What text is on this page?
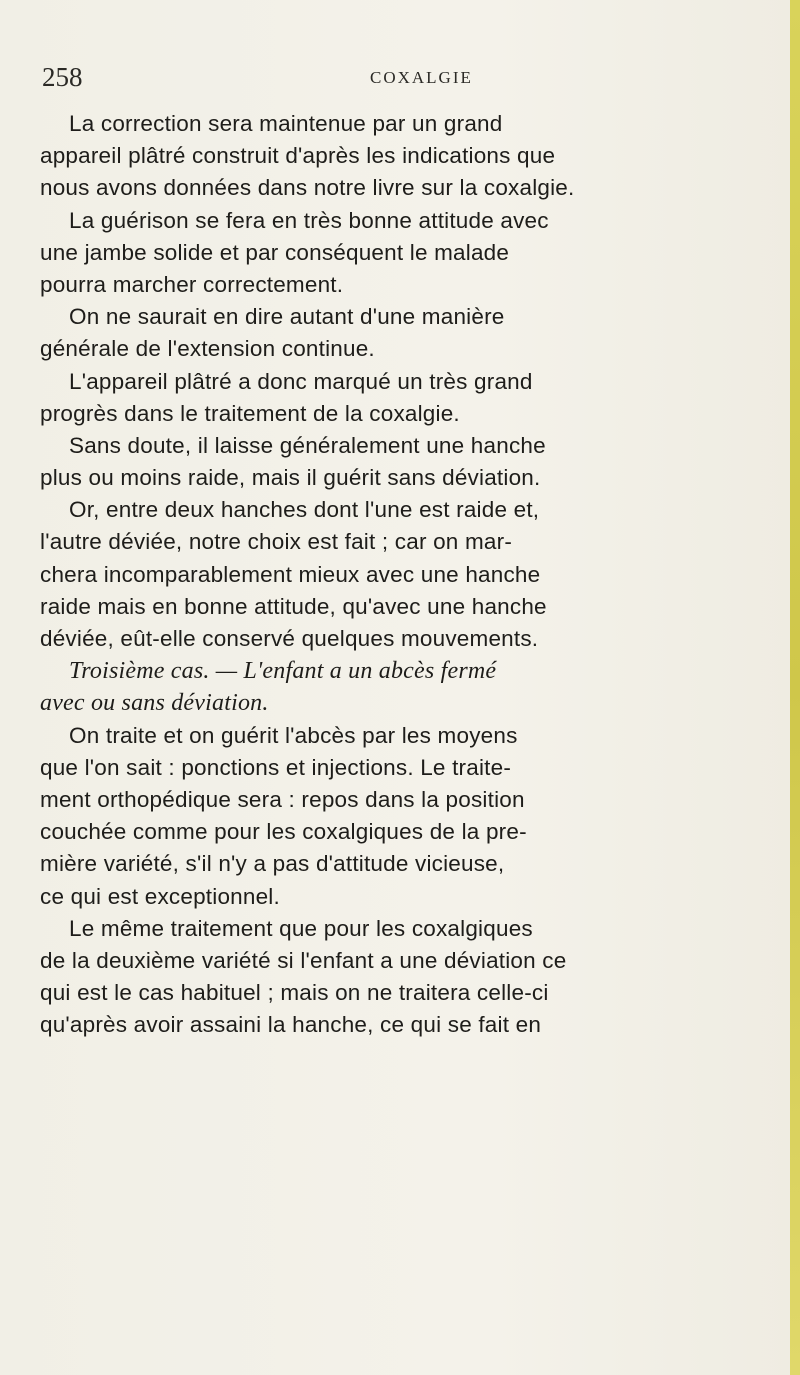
258	COXALGIE
La correction sera maintenue par un grand
appareil plâtré construit d'après les indications que
nous avons données dans notre livre sur la coxalgie.
La guérison se fera en très bonne attitude avec
une jambe solide et par conséquent le malade
pourra marcher correctement.
On ne saurait en dire autant d'une manière
générale de l'extension continue.
L'appareil plâtré a donc marqué un très grand
progrès dans le traitement de la coxalgie.
Sans doute, il laisse généralement une hanche
plus ou moins raide, mais il guérit sans déviation.
Or, entre deux hanches dont l'une est raide et,
l'autre déviée, notre choix est fait ; car on mar-
chera incomparablement mieux avec une hanche
raide mais en bonne attitude, qu'avec une hanche
déviée, eût-elle conservé quelques mouvements.
Troisième cas. — L'enfant a un abcès fermé
avec ou sans déviation.
On traite et on guérit l'abcès par les moyens
que l'on sait : ponctions et injections. Le traite-
ment orthopédique sera : repos dans la position
couchée comme pour les coxalgiques de la pre-
mière variété, s'il n'y a pas d'attitude vicieuse,
ce qui est exceptionnel.
Le même traitement que pour les coxalgiques
de la deuxième variété si l'enfant a une déviation ce
qui est le cas habituel ; mais on ne traitera celle-ci
qu'après avoir assaini la hanche, ce qui se fait en
